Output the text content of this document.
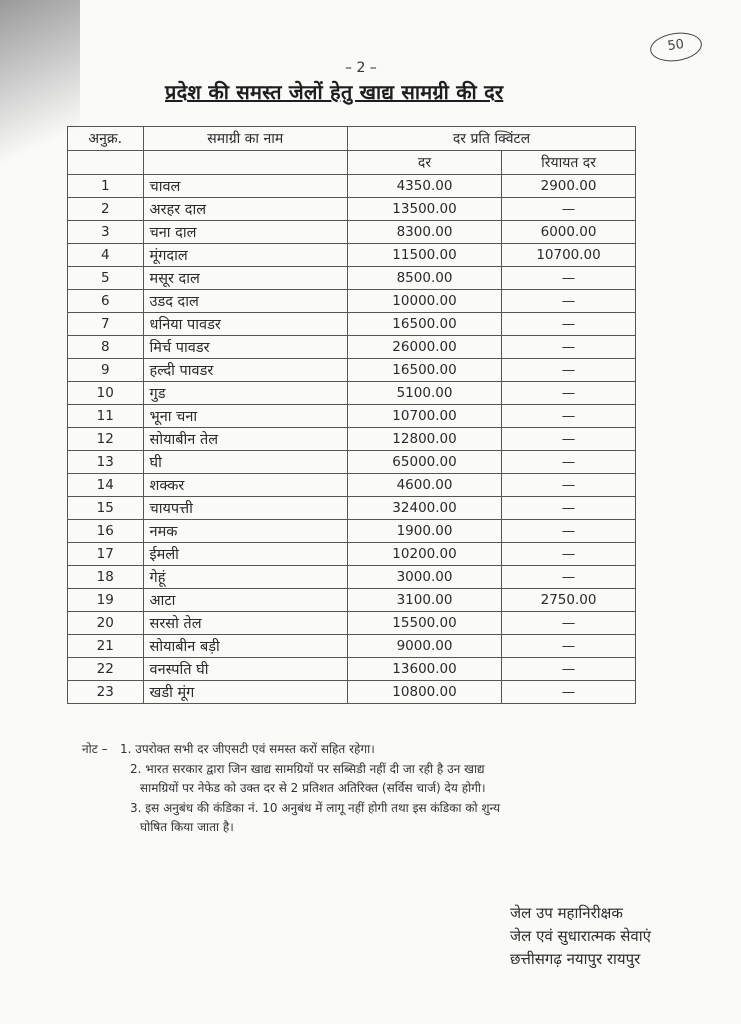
– 2 –
50
प्रदेश की समस्त जेलों हेतु खाद्य सामग्री की दर
अनुक्र.	समाग्री का नाम	दर प्रति क्विंटल	
		दर	रियायत दर
1	चावल	4350.00	2900.00
2	अरहर दाल	13500.00	—
3	चना दाल	8300.00	6000.00
4	मूंगदाल	11500.00	10700.00
5	मसूर दाल	8500.00	—
6	उडद दाल	10000.00	—
7	धनिया पावडर	16500.00	—
8	मिर्च पावडर	26000.00	—
9	हल्दी पावडर	16500.00	—
10	गुड	5100.00	—
11	भूना चना	10700.00	—
12	सोयाबीन तेल	12800.00	—
13	घी	65000.00	—
14	शक्कर	4600.00	—
15	चायपत्ती	32400.00	—
16	नमक	1900.00	—
17	ईमली	10200.00	—
18	गेहूं	3000.00	—
19	आटा	3100.00	2750.00
20	सरसो तेल	15500.00	—
21	सोयाबीन बड़ी	9000.00	—
22	वनस्पति घी	13600.00	—
23	खडी मूंग	10800.00	—
नोट – 1. उपरोक्त सभी दर जीएसटी एवं समस्त करों सहित रहेगा।
2. भारत सरकार द्वारा जिन खाद्य सामग्रियों पर सब्सिडी नहीं दी जा रही है उन खाद्य
सामग्रियों पर नेफेड को उक्त दर से 2 प्रतिशत अतिरिक्त (सर्विस चार्ज) देय होगी।
3. इस अनुबंध की कंडिका नं. 10 अनुबंध में लागू नहीं होगी तथा इस कंडिका को शुन्य
घोषित किया जाता है।
जेल उप महानिरीक्षक
जेल एवं सुधारात्मक सेवाएं
छत्तीसगढ़ नयापुर रायपुर
